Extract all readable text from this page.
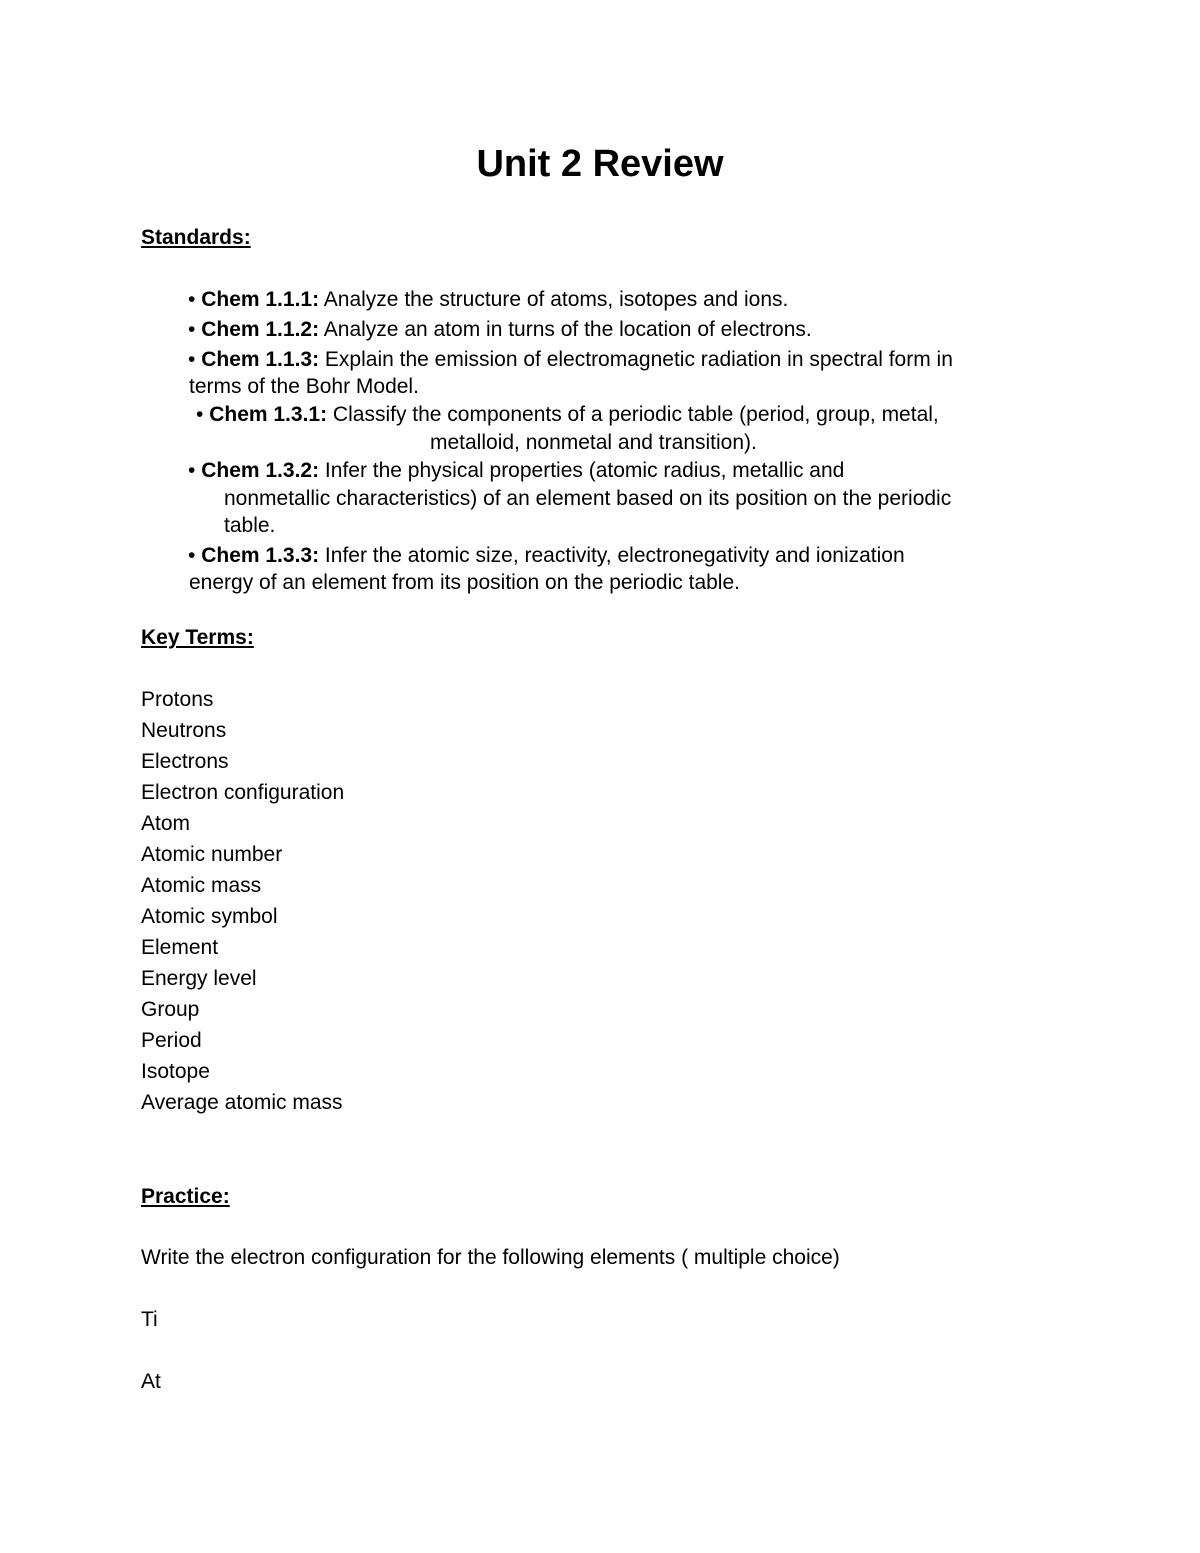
Unit 2 Review
Standards:

• Chem 1.1.1: Analyze the structure of atoms, isotopes and ions.

• Chem 1.1.2: Analyze an atom in turns of the location of electrons.

• Chem 1.1.3: Explain the emission of electromagnetic radiation in spectral form in

terms of the Bohr Model.

• Chem 1.3.1: Classify the components of a periodic table (period, group, metal,

metalloid, nonmetal and transition).

• Chem 1.3.2: Infer the physical properties (atomic radius, metallic and

nonmetallic characteristics) of an element based on its position on the periodic

table.

• Chem 1.3.3: Infer the atomic size, reactivity, electronegativity and ionization

energy of an element from its position on the periodic table.

Key Terms:
Protons
Neutrons
Electrons
Electron configuration
Atom
Atomic number
Atomic mass
Atomic symbol
Element
Energy level
Group
Period
Isotope
Average atomic mass
Practice:

Write the electron configuration for the following elements ( multiple choice)

Ti

At
